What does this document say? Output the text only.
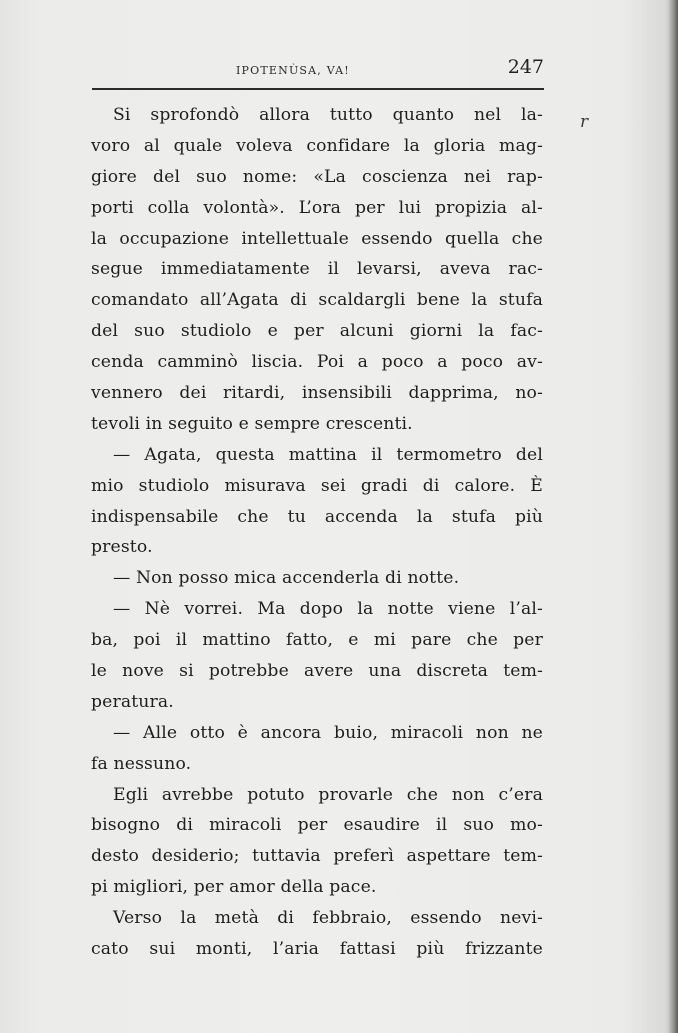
IPOTENÙSA, VA!	247
r
Si sprofondò allora tutto quanto nel la-
voro al quale voleva confidare la gloria mag-
giore del suo nome: «La coscienza nei rap-
porti colla volontà». L’ora per lui propizia al-
la occupazione intellettuale essendo quella che
segue immediatamente il levarsi, aveva rac-
comandato all’Agata di scaldargli bene la stufa
del suo studiolo e per alcuni giorni la fac-
cenda camminò liscia. Poi a poco a poco av-
vennero dei ritardi, insensibili dapprima, no-
tevoli in seguito e sempre crescenti.
— Agata, questa mattina il termometro del
mio studiolo misurava sei gradi di calore. È
indispensabile che tu accenda la stufa più
presto.
— Non posso mica accenderla di notte.
— Nè vorrei. Ma dopo la notte viene l’al-
ba, poi il mattino fatto, e mi pare che per
le nove si potrebbe avere una discreta tem-
peratura.
— Alle otto è ancora buio, miracoli non ne
fa nessuno.
Egli avrebbe potuto provarle che non c’era
bisogno di miracoli per esaudire il suo mo-
desto desiderio; tuttavia preferì aspettare tem-
pi migliori, per amor della pace.
Verso la metà di febbraio, essendo nevi-
cato sui monti, l’aria fattasi più frizzante
